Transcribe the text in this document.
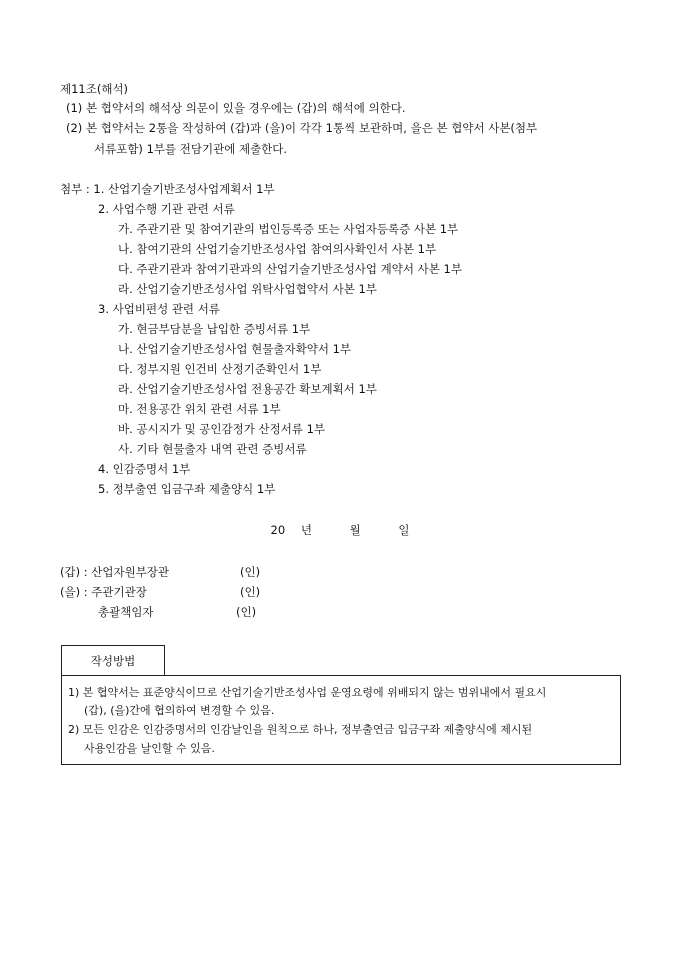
제11조(해석)
(1) 본 협약서의 해석상 의문이 있을 경우에는 (갑)의 해석에 의한다.
(2) 본 협약서는 2통을 작성하여 (갑)과 (을)이 각각 1통씩 보관하며, 을은 본 협약서 사본(첨부
서류포함) 1부를 전담기관에 제출한다.
첨부 : 1. 산업기술기반조성사업계획서 1부
2. 사업수행 기관 관련 서류
가. 주관기관 및 참여기관의 법인등록증 또는 사업자등록증 사본 1부
나. 참여기관의 산업기술기반조성사업 참여의사확인서 사본 1부
다. 주관기관과 참여기관과의 산업기술기반조성사업 계약서 사본 1부
라. 산업기술기반조성사업 위탁사업협약서 사본 1부
3. 사업비편성 관련 서류
가. 현금부담분을 납입한 증빙서류 1부
나. 산업기술기반조성사업 현물출자확약서 1부
다. 정부지원 인건비 산정기준확인서 1부
라. 산업기술기반조성사업 전용공간 확보계획서 1부
마. 전용공간 위치 관련 서류 1부
바. 공시지가 및 공인감정가 산정서류 1부
사. 기타 현물출자 내역 관련 증빙서류
4. 인감증명서 1부
5. 정부출연 입금구좌 제출양식 1부
20 년	월	일
(갑) : 산업자원부장관	(인)
(을) : 주관기관장	(인)
총괄책임자	(인)
작성방법
1) 본 협약서는 표준양식이므로 산업기술기반조성사업 운영요령에 위배되지 않는 범위내에서 필요시
(갑), (을)간에 협의하여 변경할 수 있음.
2) 모든 인감은 인감증명서의 인감날인을 원칙으로 하나, 정부출연금 입금구좌 제출양식에 제시된
사용인감을 날인할 수 있음.
